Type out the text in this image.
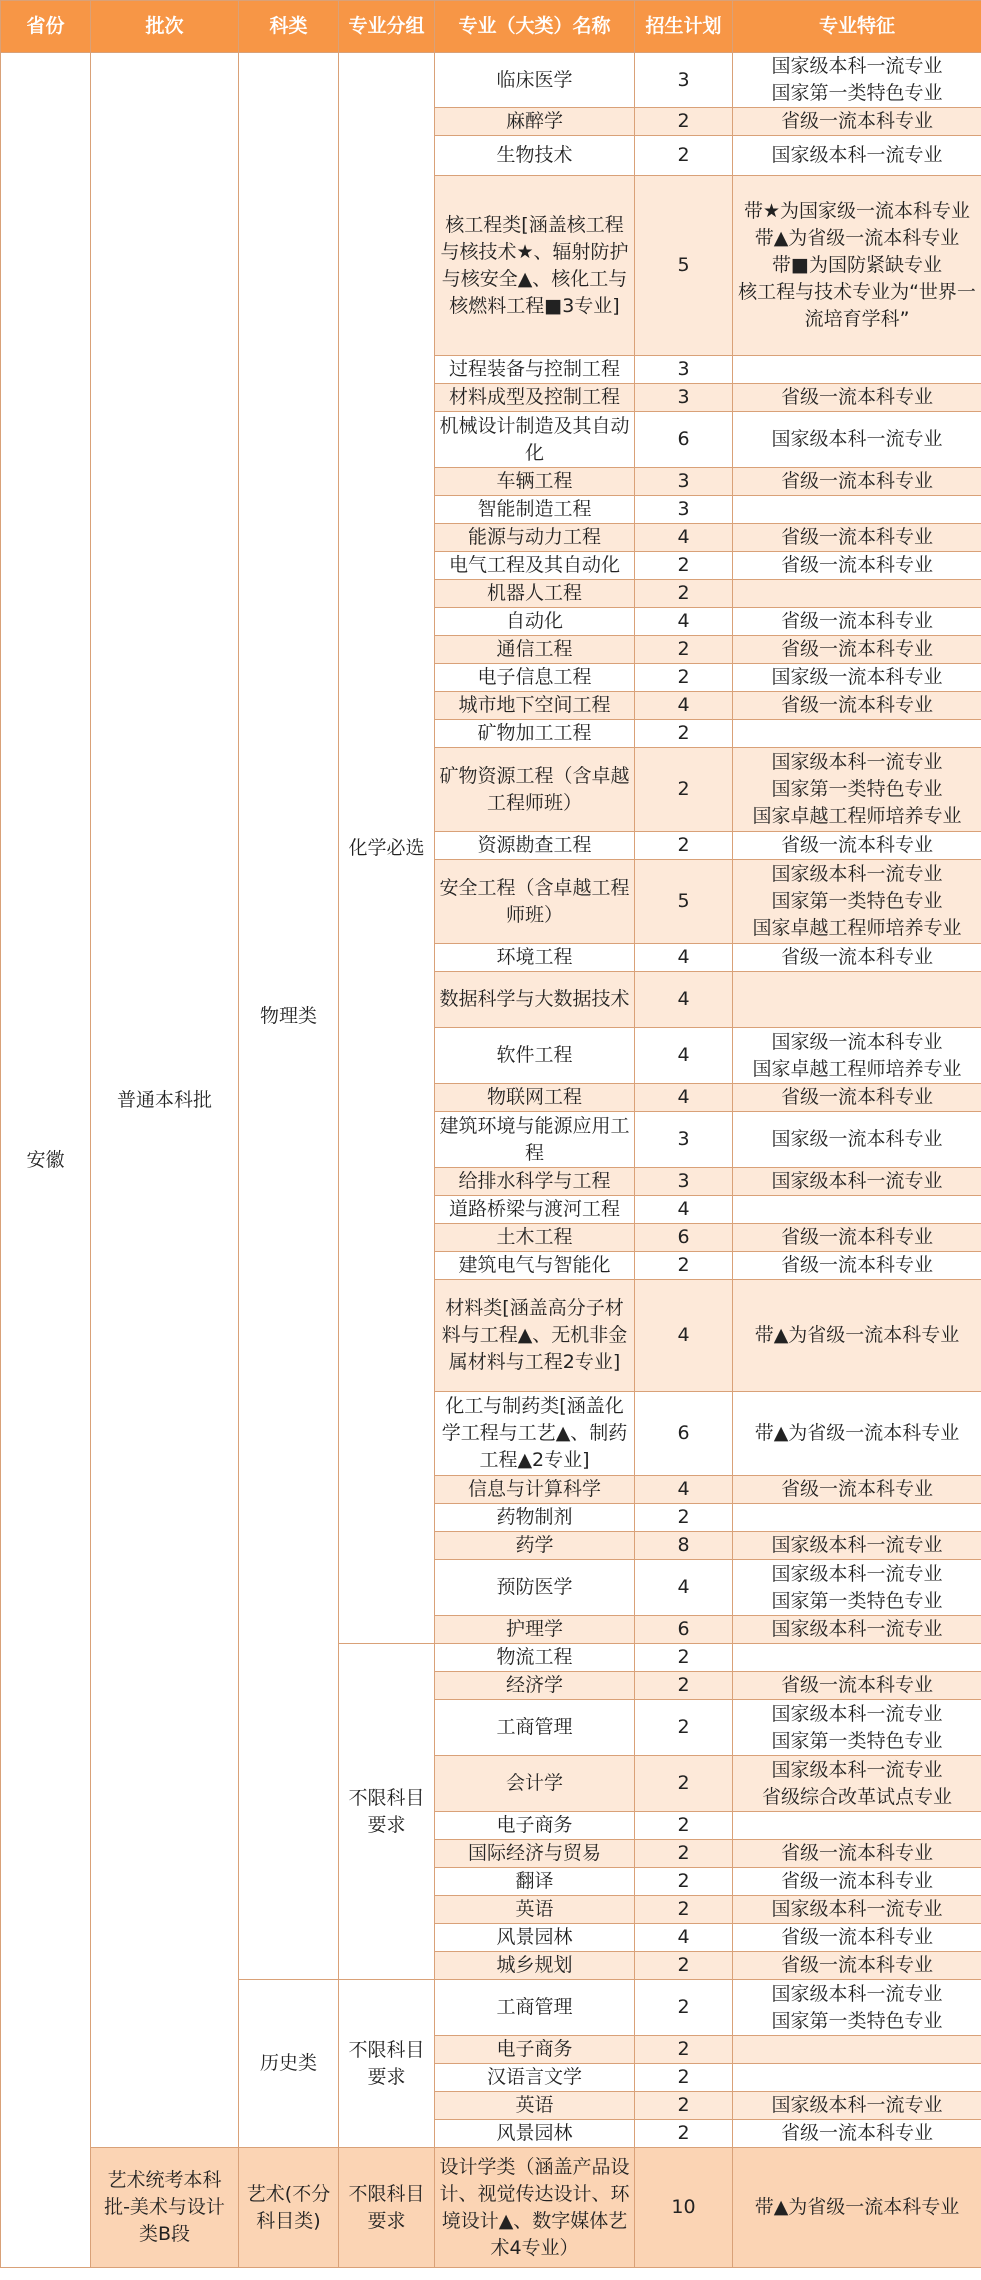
省份	批次	科类	专业分组	专业（大类）名称	招生计划	专业特征
安徽	普通本科批	物理类	化学必选	临床医学	3	国家级本科一流专业
国家第一类特色专业
				麻醉学	2	省级一流本科专业
				生物技术	2	国家级本科一流专业
				核工程类[涵盖核工程与核技术★、辐射防护与核安全▲、核化工与核燃料工程■3专业]	5	带★为国家级一流本科专业
带▲为省级一流本科专业
带■为国防紧缺专业
核工程与技术专业为“世界一流培育学科”
				过程装备与控制工程	3	
				材料成型及控制工程	3	省级一流本科专业
				机械设计制造及其自动化	6	国家级本科一流专业
				车辆工程	3	省级一流本科专业
				智能制造工程	3	
				能源与动力工程	4	省级一流本科专业
				电气工程及其自动化	2	省级一流本科专业
				机器人工程	2	
				自动化	4	省级一流本科专业
				通信工程	2	省级一流本科专业
				电子信息工程	2	国家级一流本科专业
				城市地下空间工程	4	省级一流本科专业
				矿物加工工程	2	
				矿物资源工程（含卓越工程师班）	2	国家级本科一流专业
国家第一类特色专业
国家卓越工程师培养专业
				资源勘查工程	2	省级一流本科专业
				安全工程（含卓越工程师班）	5	国家级本科一流专业
国家第一类特色专业
国家卓越工程师培养专业
				环境工程	4	省级一流本科专业
				数据科学与大数据技术	4	
				软件工程	4	国家级一流本科专业
国家卓越工程师培养专业
				物联网工程	4	省级一流本科专业
				建筑环境与能源应用工程	3	国家级一流本科专业
				给排水科学与工程	3	国家级本科一流专业
				道路桥梁与渡河工程	4	
				土木工程	6	省级一流本科专业
				建筑电气与智能化	2	省级一流本科专业
				材料类[涵盖高分子材料与工程▲、无机非金属材料与工程2专业]	4	带▲为省级一流本科专业
				化工与制药类[涵盖化学工程与工艺▲、制药工程▲2专业]	6	带▲为省级一流本科专业
				信息与计算科学	4	省级一流本科专业
				药物制剂	2	
				药学	8	国家级本科一流专业
				预防医学	4	国家级本科一流专业
国家第一类特色专业
				护理学	6	国家级本科一流专业
			不限科目要求	物流工程	2	
				经济学	2	省级一流本科专业
				工商管理	2	国家级本科一流专业
国家第一类特色专业
				会计学	2	国家级本科一流专业
省级综合改革试点专业
				电子商务	2	
				国际经济与贸易	2	省级一流本科专业
				翻译	2	省级一流本科专业
				英语	2	国家级本科一流专业
				风景园林	4	省级一流本科专业
				城乡规划	2	省级一流本科专业
		历史类	不限科目要求	工商管理	2	国家级本科一流专业
国家第一类特色专业
				电子商务	2	
				汉语言文学	2	
				英语	2	国家级本科一流专业
				风景园林	2	省级一流本科专业
	艺术统考本科批-美术与设计类B段	艺术(不分科目类)	不限科目要求	设计学类（涵盖产品设计、视觉传达设计、环境设计▲、数字媒体艺术4专业）	10	带▲为省级一流本科专业
